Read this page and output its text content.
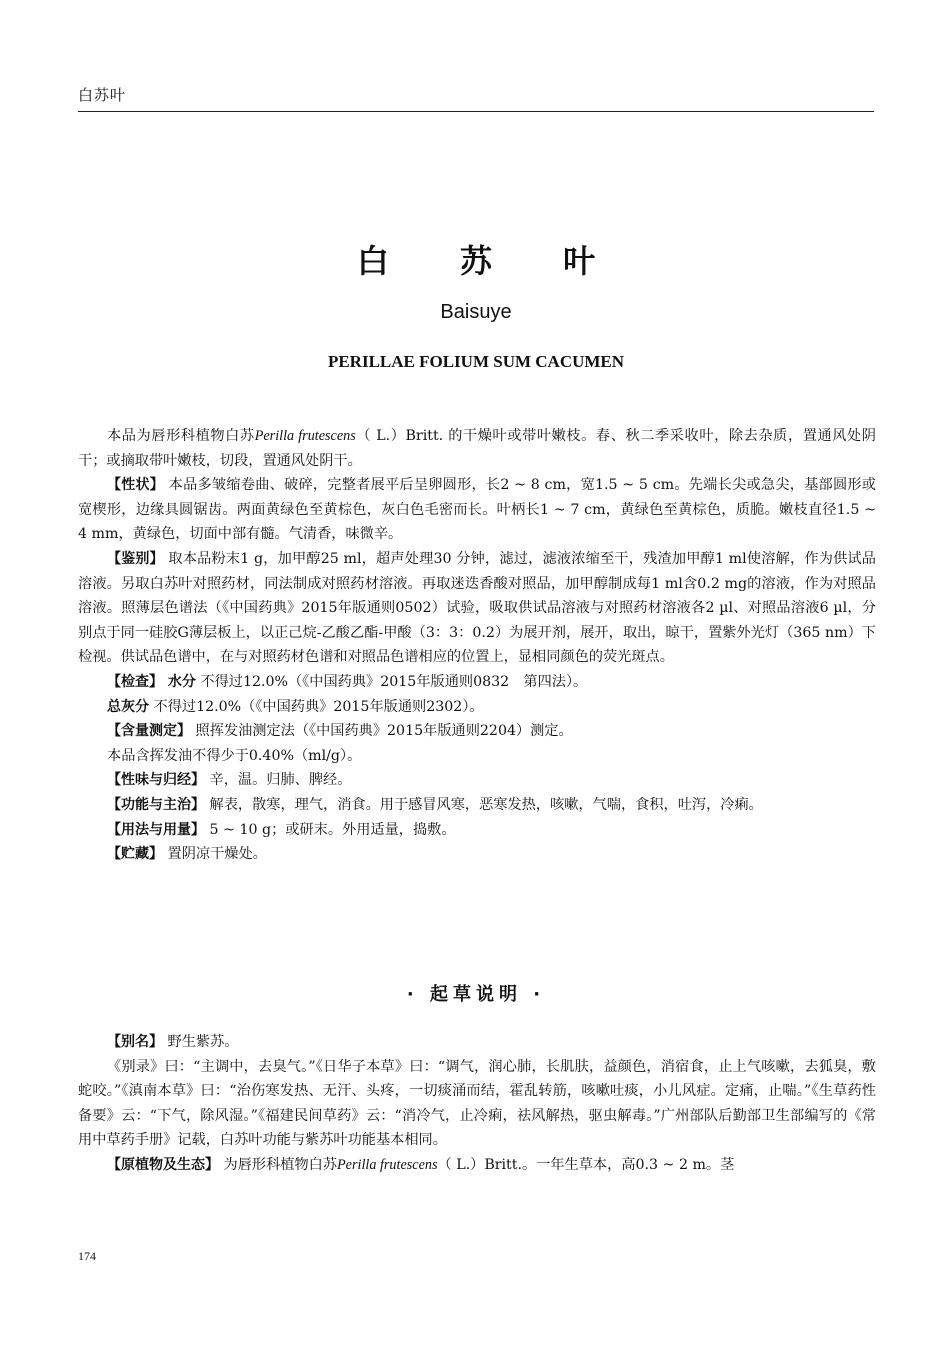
白苏叶
白 苏 叶
Baisuye
PERILLAE FOLIUM SUM CACUMEN

本品为唇形科植物白苏Perilla frutescens（ L.）Britt. 的干燥叶或带叶嫩枝。春、秋二季采收叶，除去杂质，置通风处阴干；或摘取带叶嫩枝，切段，置通风处阴干。

【性状】 本品多皱缩卷曲、破碎，完整者展平后呈卵圆形，长2 ~ 8 cm，宽1.5 ~ 5 cm。先端长尖或急尖，基部圆形或宽楔形，边缘具圆锯齿。两面黄绿色至黄棕色，灰白色毛密而长。叶柄长1 ~ 7 cm，黄绿色至黄棕色，质脆。嫩枝直径1.5 ~ 4 mm，黄绿色，切面中部有髓。气清香，味微辛。

【鉴别】 取本品粉末1 g，加甲醇25 ml，超声处理30 分钟，滤过，滤液浓缩至干，残渣加甲醇1 ml使溶解，作为供试品溶液。另取白苏叶对照药材，同法制成对照药材溶液。再取迷迭香酸对照品，加甲醇制成每1 ml含0.2 mg的溶液，作为对照品溶液。照薄层色谱法（《中国药典》2015年版通则0502）试验，吸取供试品溶液与对照药材溶液各2 µl、对照品溶液6 µl，分别点于同一硅胶G薄层板上，以正己烷-乙酸乙酯-甲酸（3：3：0.2）为展开剂，展开，取出，晾干，置紫外光灯（365 nm）下检视。供试品色谱中，在与对照药材色谱和对照品色谱相应的位置上，显相同颜色的荧光斑点。

【检查】 水分 不得过12.0%（《中国药典》2015年版通则0832　第四法）。

总灰分 不得过12.0%（《中国药典》2015年版通则2302）。

【含量测定】 照挥发油测定法（《中国药典》2015年版通则2204）测定。

本品含挥发油不得少于0.40%（ml/g）。

【性味与归经】 辛，温。归肺、脾经。

【功能与主治】 解表，散寒，理气，消食。用于感冒风寒，恶寒发热，咳嗽，气喘，食积，吐泻，冷痢。

【用法与用量】 5 ~ 10 g；或研末。外用适量，捣敷。

【贮藏】 置阴凉干燥处。

· 起草说明 ·

【别名】 野生紫苏。

《别录》曰：“主调中，去臭气。”《日华子本草》曰：“调气，润心肺，长肌肤，益颜色，消宿食，止上气咳嗽，去狐臭，敷蛇咬。”《滇南本草》曰：“治伤寒发热、无汗、头疼，一切痰涌而结，霍乱转筋，咳嗽吐痰，小儿风症。定痛，止喘。”《生草药性备要》云：“下气，除风湿。”《福建民间草药》云：“消冷气，止冷痢，祛风解热，驱虫解毒。”广州部队后勤部卫生部编写的《常用中草药手册》记载，白苏叶功能与紫苏叶功能基本相同。

【原植物及生态】 为唇形科植物白苏Perilla frutescens（ L.）Britt.。一年生草本，高0.3 ~ 2 m。茎

174
